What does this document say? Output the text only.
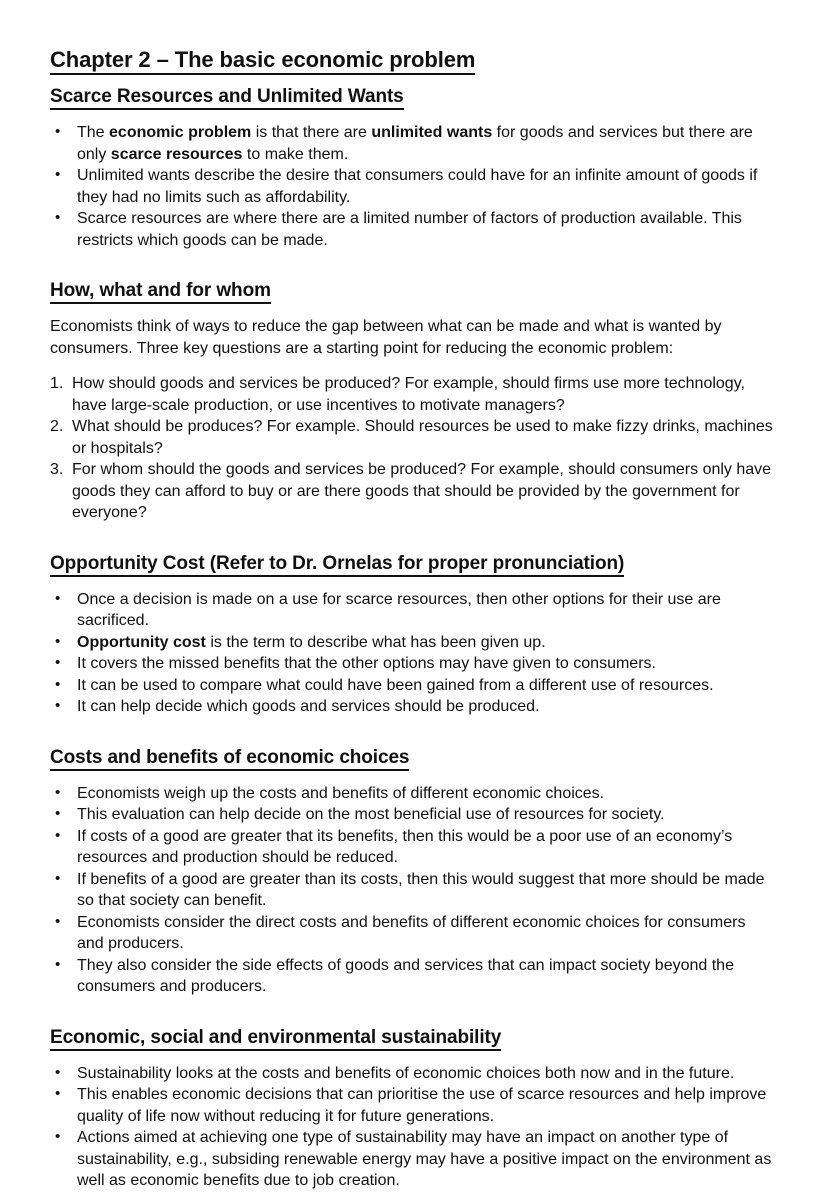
Chapter 2 – The basic economic problem
Scarce Resources and Unlimited Wants
• The economic problem is that there are unlimited wants for goods and services but there are only scarce resources to make them.
• Unlimited wants describe the desire that consumers could have for an infinite amount of goods if they had no limits such as affordability.
• Scarce resources are where there are a limited number of factors of production available. This restricts which goods can be made.
How, what and for whom

Economists think of ways to reduce the gap between what can be made and what is wanted by consumers. Three key questions are a starting point for reducing the economic problem:

How should goods and services be produced? For example, should firms use more technology, have large-scale production, or use incentives to motivate managers?
What should be produces? For example. Should resources be used to make fizzy drinks, machines or hospitals?
For whom should the goods and services be produced? For example, should consumers only have goods they can afford to buy or are there goods that should be provided by the government for everyone?
Opportunity Cost (Refer to Dr. Ornelas for proper pronunciation)
• Once a decision is made on a use for scarce resources, then other options for their use are sacrificed.
• Opportunity cost is the term to describe what has been given up.
• It covers the missed benefits that the other options may have given to consumers.
• It can be used to compare what could have been gained from a different use of resources.
• It can help decide which goods and services should be produced.
Costs and benefits of economic choices
• Economists weigh up the costs and benefits of different economic choices.
• This evaluation can help decide on the most beneficial use of resources for society.
• If costs of a good are greater that its benefits, then this would be a poor use of an economy’s resources and production should be reduced.
• If benefits of a good are greater than its costs, then this would suggest that more should be made so that society can benefit.
• Economists consider the direct costs and benefits of different economic choices for consumers and producers.
• They also consider the side effects of goods and services that can impact society beyond the consumers and producers.
Economic, social and environmental sustainability
• Sustainability looks at the costs and benefits of economic choices both now and in the future.
• This enables economic decisions that can prioritise the use of scarce resources and help improve quality of life now without reducing it for future generations.
• Actions aimed at achieving one type of sustainability may have an impact on another type of sustainability, e.g., subsiding renewable energy may have a positive impact on the environment as well as economic benefits due to job creation.
